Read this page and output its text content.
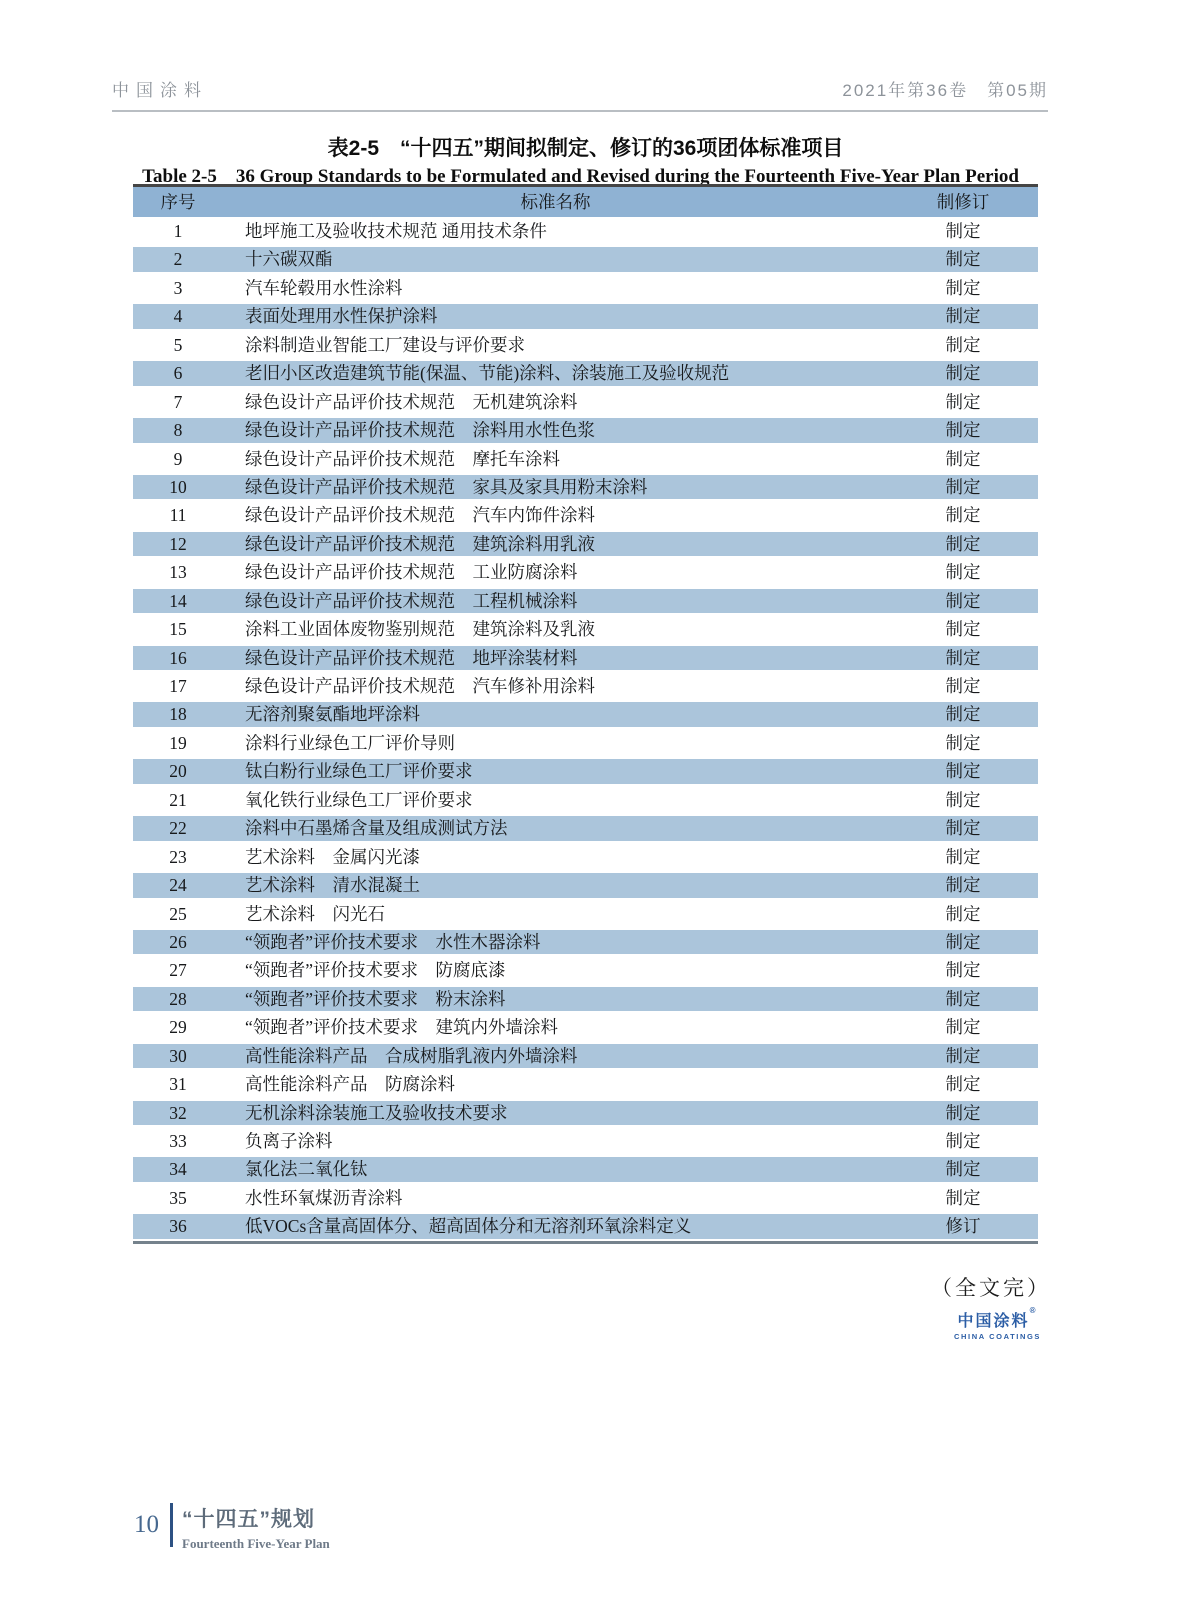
中国涂料	2021年第36卷　第05期
表2-5　“十四五”期间拟制定、修订的36项团体标准项目
Table 2-5　36 Group Standards to be Formulated and Revised during the Fourteenth Five-Year Plan Period
序号	标准名称	制修订
1	地坪施工及验收技术规范 通用技术条件	制定
2	十六碳双酯	制定
3	汽车轮毂用水性涂料	制定
4	表面处理用水性保护涂料	制定
5	涂料制造业智能工厂建设与评价要求	制定
6	老旧小区改造建筑节能(保温、节能)涂料、涂装施工及验收规范	制定
7	绿色设计产品评价技术规范　无机建筑涂料	制定
8	绿色设计产品评价技术规范　涂料用水性色浆	制定
9	绿色设计产品评价技术规范　摩托车涂料	制定
10	绿色设计产品评价技术规范　家具及家具用粉末涂料	制定
11	绿色设计产品评价技术规范　汽车内饰件涂料	制定
12	绿色设计产品评价技术规范　建筑涂料用乳液	制定
13	绿色设计产品评价技术规范　工业防腐涂料	制定
14	绿色设计产品评价技术规范　工程机械涂料	制定
15	涂料工业固体废物鉴别规范　建筑涂料及乳液	制定
16	绿色设计产品评价技术规范　地坪涂装材料	制定
17	绿色设计产品评价技术规范　汽车修补用涂料	制定
18	无溶剂聚氨酯地坪涂料	制定
19	涂料行业绿色工厂评价导则	制定
20	钛白粉行业绿色工厂评价要求	制定
21	氧化铁行业绿色工厂评价要求	制定
22	涂料中石墨烯含量及组成测试方法	制定
23	艺术涂料　金属闪光漆	制定
24	艺术涂料　清水混凝土	制定
25	艺术涂料　闪光石	制定
26	“领跑者”评价技术要求　水性木器涂料	制定
27	“领跑者”评价技术要求　防腐底漆	制定
28	“领跑者”评价技术要求　粉末涂料	制定
29	“领跑者”评价技术要求　建筑内外墙涂料	制定
30	高性能涂料产品　合成树脂乳液内外墙涂料	制定
31	高性能涂料产品　防腐涂料	制定
32	无机涂料涂装施工及验收技术要求	制定
33	负离子涂料	制定
34	氯化法二氧化钛	制定
35	水性环氧煤沥青涂料	制定
36	低VOCs含量高固体分、超高固体分和无溶剂环氧涂料定义	修订
（全文完）
中国涂料®
CHINA COATINGS
10 “十四五”规划
Fourteenth Five-Year Plan
